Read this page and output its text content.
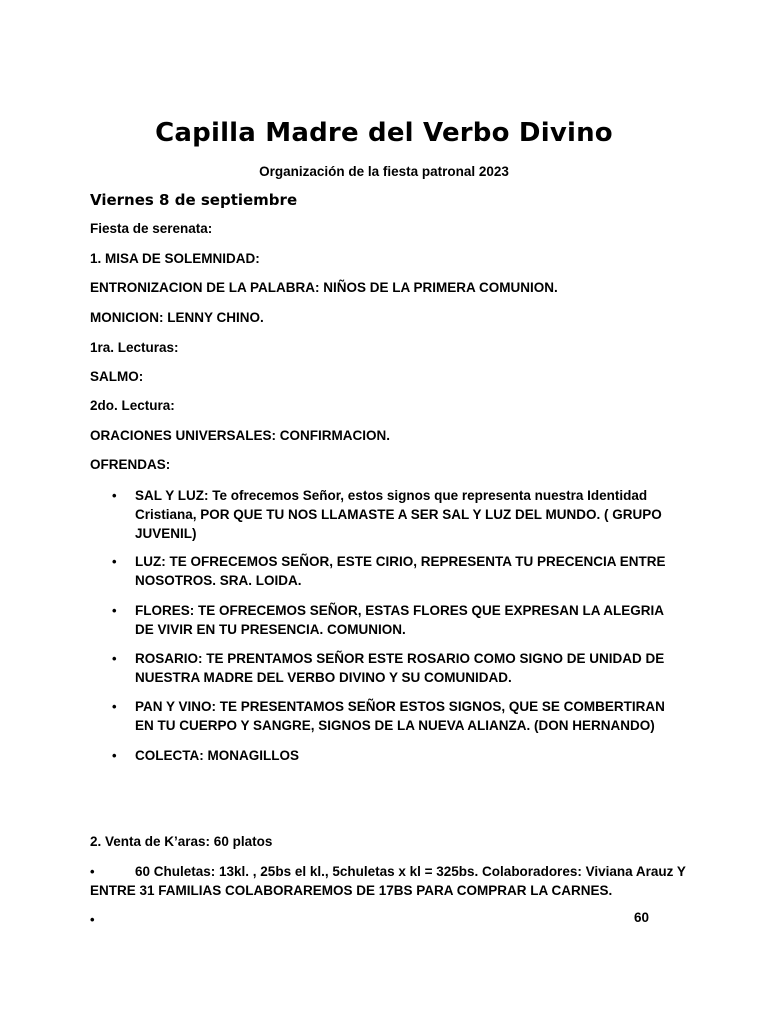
Capilla Madre del Verbo Divino
Organización de la fiesta patronal 2023
Viernes 8 de septiembre
Fiesta de serenata:
1. MISA DE SOLEMNIDAD:
ENTRONIZACION DE LA PALABRA: NIÑOS DE LA PRIMERA COMUNION.
MONICION: LENNY CHINO.
1ra. Lecturas:
SALMO:
2do. Lectura:
ORACIONES UNIVERSALES: CONFIRMACION.
OFRENDAS:
• SAL Y LUZ: Te ofrecemos Señor, estos signos que representa nuestra Identidad Cristiana, POR QUE TU NOS LLAMASTE A SER SAL Y LUZ DEL MUNDO. ( GRUPO JUVENIL)
• LUZ: TE OFRECEMOS SEÑOR, ESTE CIRIO, REPRESENTA TU PRECENCIA ENTRE NOSOTROS. SRA. LOIDA.
• FLORES: TE OFRECEMOS SEÑOR, ESTAS FLORES QUE EXPRESAN LA ALEGRIA DE VIVIR EN TU PRESENCIA. COMUNION.
• ROSARIO: TE PRENTAMOS SEÑOR ESTE ROSARIO COMO SIGNO DE UNIDAD DE NUESTRA MADRE DEL VERBO DIVINO Y SU COMUNIDAD.
• PAN Y VINO: TE PRESENTAMOS SEÑOR ESTOS SIGNOS, QUE SE COMBERTIRAN EN TU CUERPO Y SANGRE, SIGNOS DE LA NUEVA ALIANZA. (DON HERNANDO)
• COLECTA: MONAGILLOS
2. Venta de K’aras: 60 platos
•	60 Chuletas: 13kl. , 25bs el kl., 5chuletas x kl = 325bs. Colaboradores: Viviana Arauz Y ENTRE 31 FAMILIAS COLABORAREMOS DE 17BS PARA COMPRAR LA CARNES.
•	60
